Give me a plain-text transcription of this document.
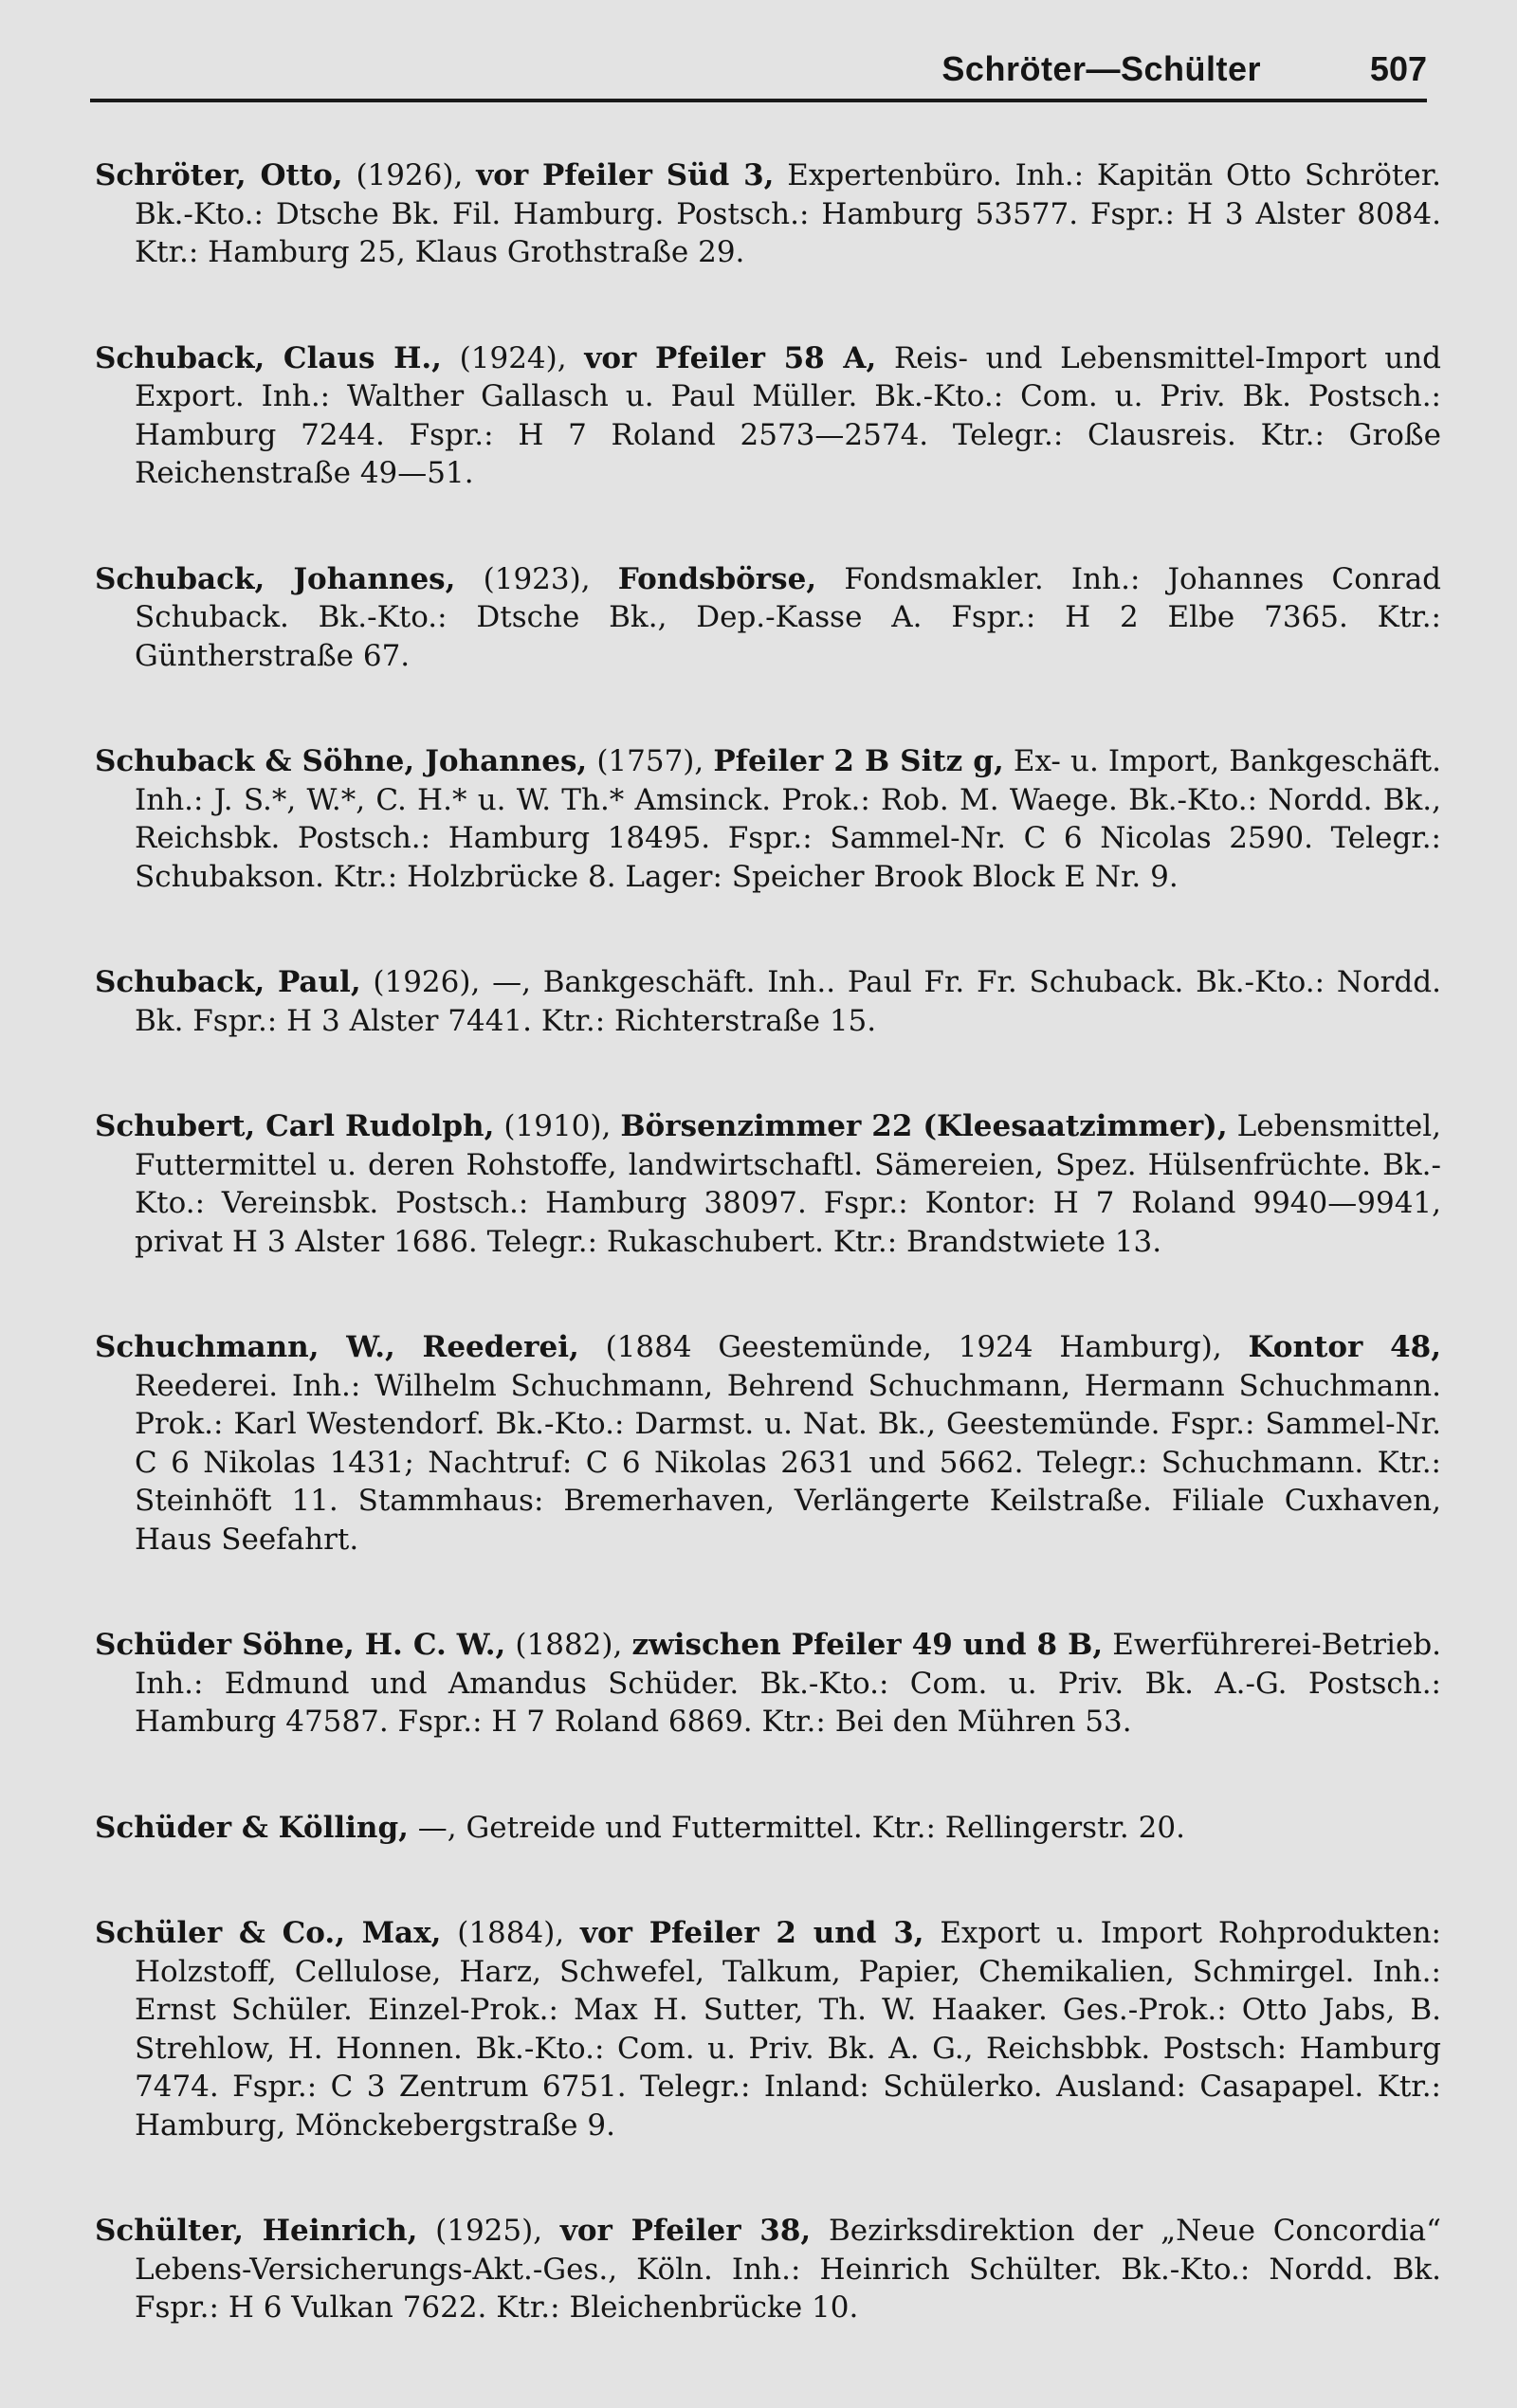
Schröter—Schülter	507

Schröter, Otto, (1926), vor Pfeiler Süd 3, Expertenbüro. Inh.: Kapitän Otto Schröter. Bk.-Kto.: Dtsche Bk. Fil. Hamburg. Postsch.: Hamburg 53577. Fspr.: H 3 Alster 8084. Ktr.: Hamburg 25, Klaus Grothstraße 29.

Schuback, Claus H., (1924), vor Pfeiler 58 A, Reis- und Lebensmittel-Import und Export. Inh.: Walther Gallasch u. Paul Müller. Bk.-Kto.: Com. u. Priv. Bk. Postsch.: Hamburg 7244. Fspr.: H 7 Roland 2573—2574. Telegr.: Clausreis. Ktr.: Große Reichenstraße 49—51.

Schuback, Johannes, (1923), Fondsbörse, Fondsmakler. Inh.: Johannes Conrad Schuback. Bk.-Kto.: Dtsche Bk., Dep.-Kasse A. Fspr.: H 2 Elbe 7365. Ktr.: Güntherstraße 67.

Schuback & Söhne, Johannes, (1757), Pfeiler 2 B Sitz g, Ex- u. Import, Bankgeschäft. Inh.: J. S.*, W.*, C. H.* u. W. Th.* Amsinck. Prok.: Rob. M. Waege. Bk.-Kto.: Nordd. Bk., Reichsbk. Postsch.: Hamburg 18495. Fspr.: Sammel-Nr. C 6 Nicolas 2590. Telegr.: Schubakson. Ktr.: Holzbrücke 8. Lager: Speicher Brook Block E Nr. 9.

Schuback, Paul, (1926), —, Bankgeschäft. Inh.. Paul Fr. Fr. Schuback. Bk.-Kto.: Nordd. Bk. Fspr.: H 3 Alster 7441. Ktr.: Richterstraße 15.

Schubert, Carl Rudolph, (1910), Börsenzimmer 22 (Kleesaatzimmer), Lebensmittel, Futtermittel u. deren Rohstoffe, landwirtschaftl. Sämereien, Spez. Hülsenfrüchte. Bk.-Kto.: Vereinsbk. Postsch.: Hamburg 38097. Fspr.: Kontor: H 7 Roland 9940—9941, privat H 3 Alster 1686. Telegr.: Rukaschubert. Ktr.: Brandstwiete 13.

Schuchmann, W., Reederei, (1884 Geestemünde, 1924 Hamburg), Kontor 48, Reederei. Inh.: Wilhelm Schuchmann, Behrend Schuchmann, Hermann Schuchmann. Prok.: Karl Westendorf. Bk.-Kto.: Darmst. u. Nat. Bk., Geestemünde. Fspr.: Sammel-Nr. C 6 Nikolas 1431; Nachtruf: C 6 Nikolas 2631 und 5662. Telegr.: Schuchmann. Ktr.: Steinhöft 11. Stammhaus: Bremerhaven, Verlängerte Keilstraße. Filiale Cuxhaven, Haus Seefahrt.

Schüder Söhne, H. C. W., (1882), zwischen Pfeiler 49 und 8 B, Ewerführerei-Betrieb. Inh.: Edmund und Amandus Schüder. Bk.-Kto.: Com. u. Priv. Bk. A.-G. Postsch.: Hamburg 47587. Fspr.: H 7 Roland 6869. Ktr.: Bei den Mühren 53.

Schüder & Kölling, —, Getreide und Futtermittel. Ktr.: Rellingerstr. 20.

Schüler & Co., Max, (1884), vor Pfeiler 2 und 3, Export u. Import Rohprodukten: Holzstoff, Cellulose, Harz, Schwefel, Talkum, Papier, Chemikalien, Schmirgel. Inh.: Ernst Schüler. Einzel-Prok.: Max H. Sutter, Th. W. Haaker. Ges.-Prok.: Otto Jabs, B. Strehlow, H. Honnen. Bk.-Kto.: Com. u. Priv. Bk. A. G., Reichsbbk. Postsch: Hamburg 7474. Fspr.: C 3 Zentrum 6751. Telegr.: Inland: Schülerko. Ausland: Casapapel. Ktr.: Hamburg, Mönckebergstraße 9.

Schülter, Heinrich, (1925), vor Pfeiler 38, Bezirksdirektion der „Neue Concordia“ Lebens-Versicherungs-Akt.-Ges., Köln. Inh.: Heinrich Schülter. Bk.-Kto.: Nordd. Bk. Fspr.: H 6 Vulkan 7622. Ktr.: Bleichenbrücke 10.
